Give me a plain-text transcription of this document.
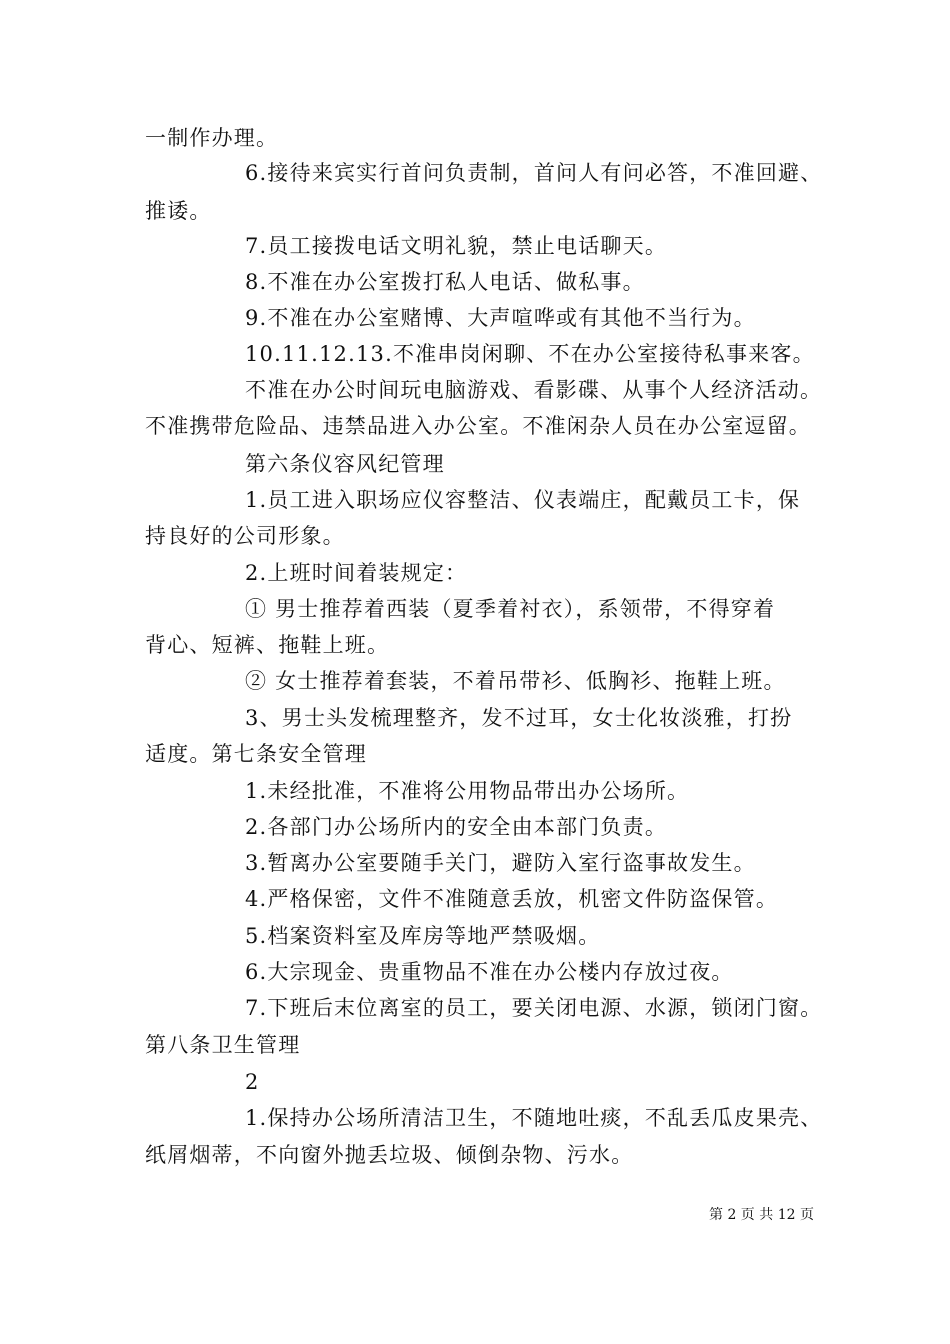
一制作办理。
6.接待来宾实行首问负责制，首问人有问必答，不准回避、
推诿。
7.员工接拨电话文明礼貌，禁止电话聊天。
8.不准在办公室拨打私人电话、做私事。
9.不准在办公室赌博、大声喧哗或有其他不当行为。
10.11.12.13.不准串岗闲聊、不在办公室接待私事来客。
不准在办公时间玩电脑游戏、看影碟、从事个人经济活动。
不准携带危险品、违禁品进入办公室。不准闲杂人员在办公室逗留。
第六条仪容风纪管理
1.员工进入职场应仪容整洁、仪表端庄，配戴员工卡，保
持良好的公司形象。
2.上班时间着装规定：
① 男士推荐着西装（夏季着衬衣），系领带，不得穿着
背心、短裤、拖鞋上班。
② 女士推荐着套装，不着吊带衫、低胸衫、拖鞋上班。
3、男士头发梳理整齐，发不过耳，女士化妆淡雅，打扮
适度。第七条安全管理
1.未经批准，不准将公用物品带出办公场所。
2.各部门办公场所内的安全由本部门负责。
3.暂离办公室要随手关门，避防入室行盗事故发生。
4.严格保密，文件不准随意丢放，机密文件防盗保管。
5.档案资料室及库房等地严禁吸烟。
6.大宗现金、贵重物品不准在办公楼内存放过夜。
7.下班后末位离室的员工，要关闭电源、水源，锁闭门窗。
第八条卫生管理
2
1.保持办公场所清洁卫生，不随地吐痰，不乱丢瓜皮果壳、
纸屑烟蒂，不向窗外抛丢垃圾、倾倒杂物、污水。
第 2 页 共 12 页
